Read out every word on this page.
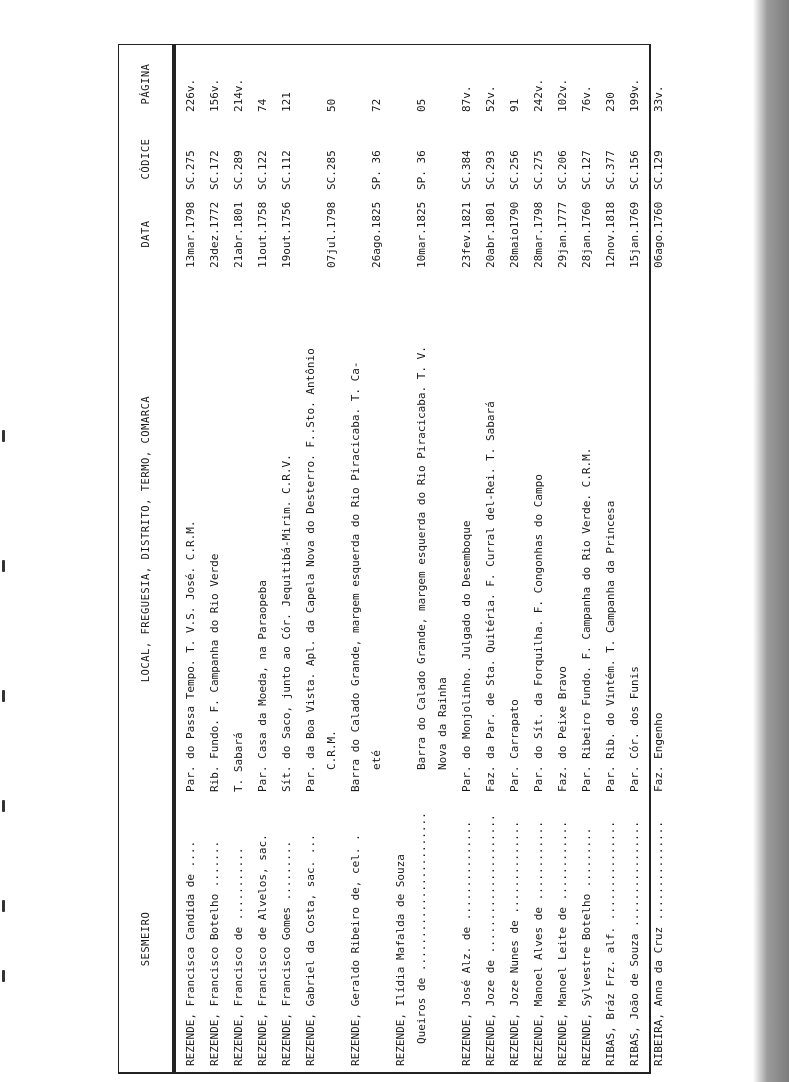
SESMEIRO
LOCAL, FREGUESIA, DISTRITO, TERMO, COMARCA
DATA
CÓDICE
PÁGINA
REZENDE, Francisca Candida de ....
Par. do Passa Tempo. T. V.S. José. C.R.M.
13mar.1798
SC.275
226v.
REZENDE, Francisco Botelho .......
Rib. Fundo. F. Campanha do Rio Verde
23dez.1772
SC.172
156v.
REZENDE, Francisco de ...........
T. Sabará
21abr.1801
SC.289
214v.
REZENDE, Francisco de Alvelos, sac.
Par. Casa da Moeda, na Paraopeba
11out.1758
SC.122
74
REZENDE, Francisco Gomes .........
Sít. do Saco, junto ao Cór. Jequitibá-Mirim. C.R.V.
19out.1756
SC.112
121
REZENDE, Gabriel da Costa, sac. ...
Par. da Boa Vista. Apl. da Capela Nova do Desterro. F..Sto. Antônio C.R.M.
07jul.1798
SC.285
50
REZENDE, Geraldo Ribeiro de, cel. .
Barra do Calado Grande, margem esquerda do Rio Piracicaba. T. Ca- eté
26ago.1825
SP. 36
72
REZENDE, Ilídia Mafalda de Souza Queiros de ........................
Barra do Calado Grande, margem esquerda do Rio Piracicaba. T. V. Nova da Rainha
10mar.1825
SP. 36
05
REZENDE, José Alz. de ...............
Par. do Monjolinho. Julgado do Desemboque
23fev.1821
SC.384
87v.
REZENDE, Joze de .....................
Faz. da Par. de Sta. Quitéria. F. Curral del-Rei. T. Sabará
20abr.1801
SC.293
52v.
REZENDE, Joze Nunes de ..............
Par. Carrapato
28maio1790
SC.256
91
REZENDE, Manoel Alves de ............
Par. do Sít. da Forquilha. F. Congonhas do Campo
28mar.1798
SC.275
242v.
REZENDE, Manoel Leite de ............
Faz. do Peixe Bravo
29jan.1777
SC.206
102v.
REZENDE, Sylvestre Botelho .........
Par. Ribeiro Fundo. F. Campanha do Rio Verde. C.R.M.
28jan.1760
SC.127
76v.
RIBAS, Bráz Frz. alf. ...............
Par. Rib. do Vintém. T. Campanha da Princesa
12nov.1818
SC.377
230
RIBAS, João de Souza ................
Par. Cór. dos Funis
15jan.1769
SC.156
199v.
RIBEIRA, Anna da Cruz ...............
Faz. Engenho
06ago.1760
SC.129
33v.
